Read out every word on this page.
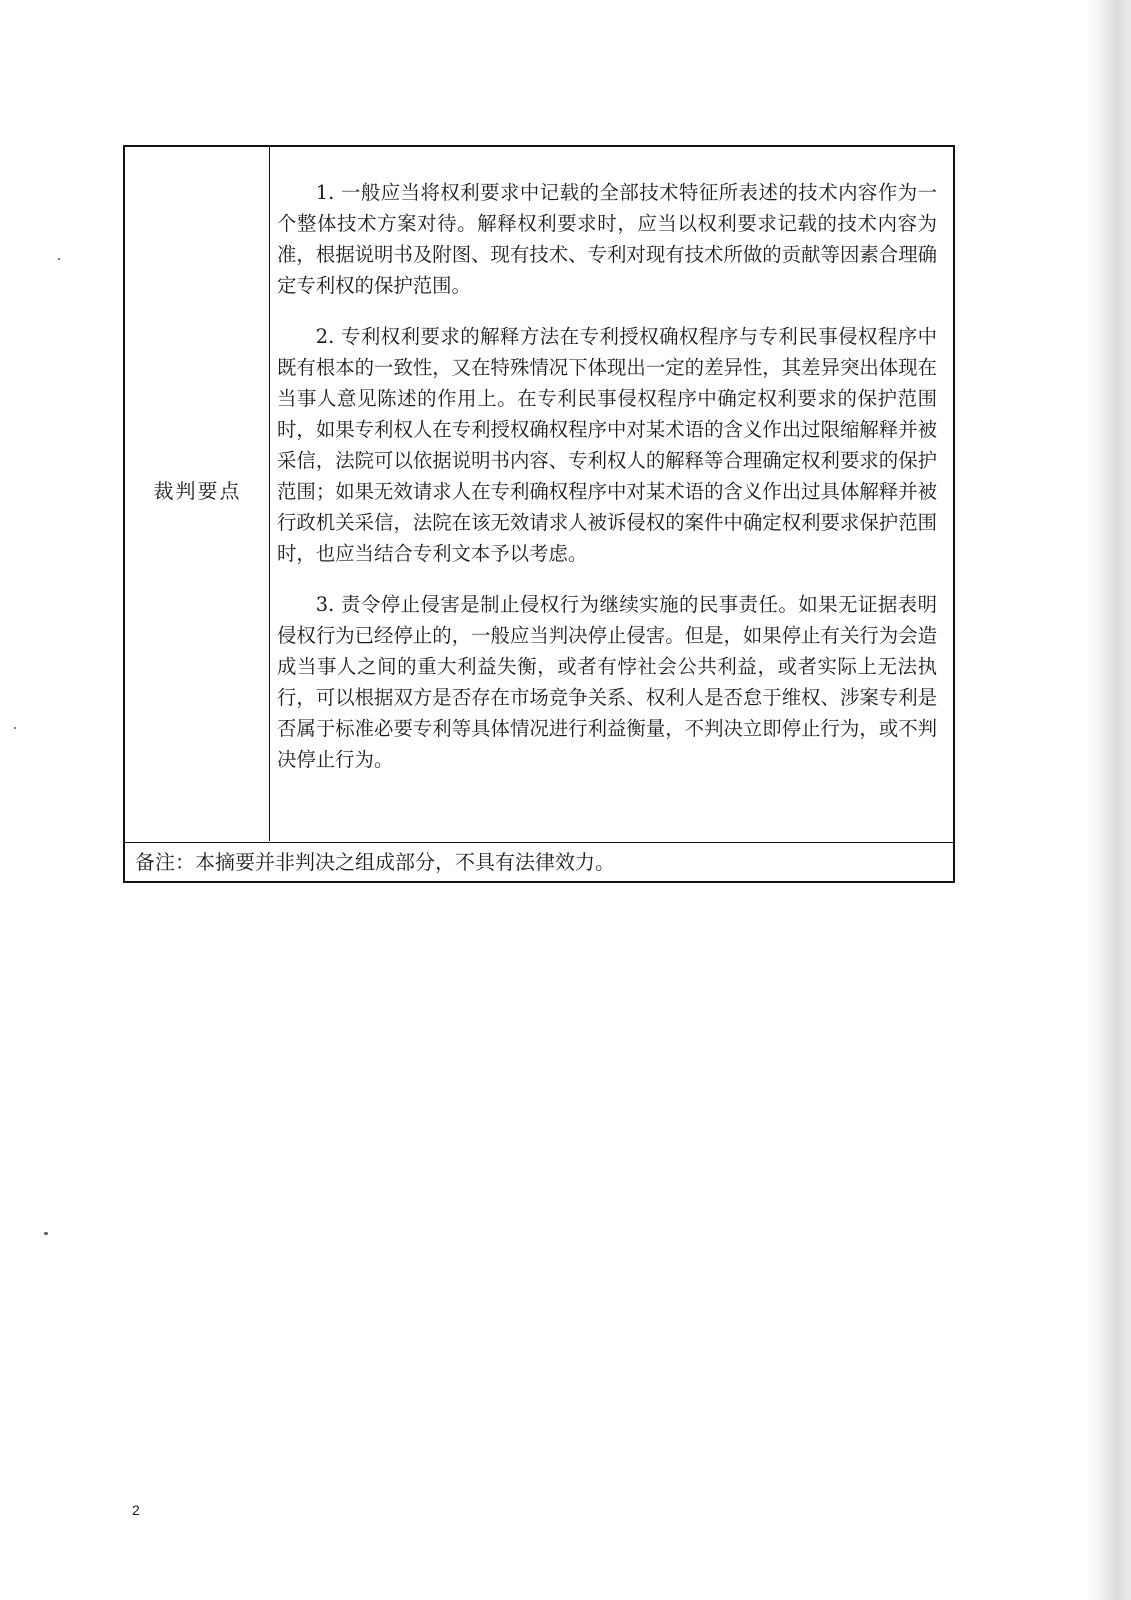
裁判要点

1. 一般应当将权利要求中记载的全部技术特征所表述的技术内容作为一个整体技术方案对待。解释权利要求时，应当以权利要求记载的技术内容为准，根据说明书及附图、现有技术、专利对现有技术所做的贡献等因素合理确定专利权的保护范围。

2. 专利权利要求的解释方法在专利授权确权程序与专利民事侵权程序中既有根本的一致性，又在特殊情况下体现出一定的差异性，其差异突出体现在当事人意见陈述的作用上。在专利民事侵权程序中确定权利要求的保护范围时，如果专利权人在专利授权确权程序中对某术语的含义作出过限缩解释并被采信，法院可以依据说明书内容、专利权人的解释等合理确定权利要求的保护范围；如果无效请求人在专利确权程序中对某术语的含义作出过具体解释并被行政机关采信，法院在该无效请求人被诉侵权的案件中确定权利要求保护范围时，也应当结合专利文本予以考虑。

3. 责令停止侵害是制止侵权行为继续实施的民事责任。如果无证据表明侵权行为已经停止的，一般应当判决停止侵害。但是，如果停止有关行为会造成当事人之间的重大利益失衡，或者有悖社会公共利益，或者实际上无法执行，可以根据双方是否存在市场竞争关系、权利人是否怠于维权、涉案专利是否属于标准必要专利等具体情况进行利益衡量，不判决立即停止行为，或不判决停止行为。

备注：本摘要并非判决之组成部分，不具有法律效力。
2
